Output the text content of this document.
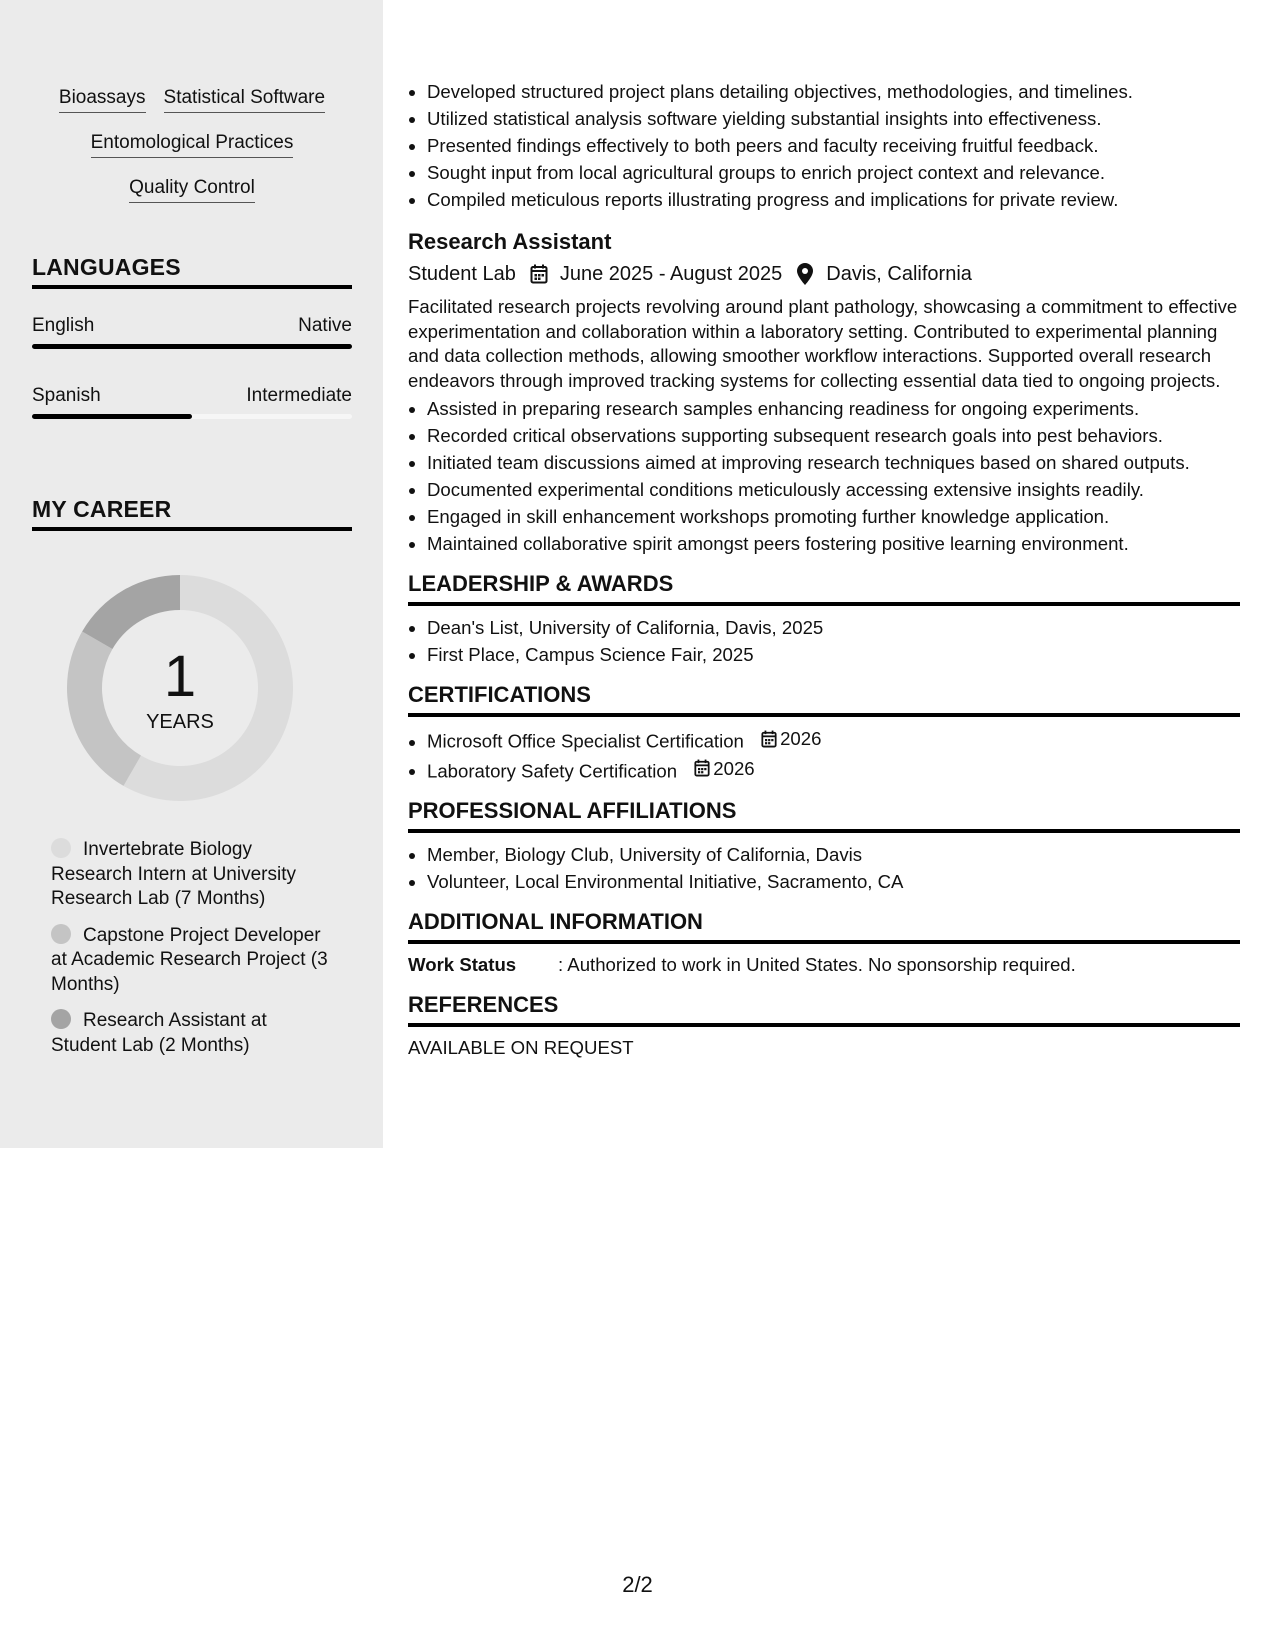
Bioassays Statistical Software
Entomological Practices
Quality Control
LANGUAGES
English	Native
Spanish	Intermediate
MY CAREER
1
YEARS
Invertebrate Biology Research Intern at University Research Lab (7 Months)
Capstone Project Developer at Academic Research Project (3 Months)
Research Assistant at Student Lab (2 Months)
• Developed structured project plans detailing objectives, methodologies, and timelines.
• Utilized statistical analysis software yielding substantial insights into effectiveness.
• Presented findings effectively to both peers and faculty receiving fruitful feedback.
• Sought input from local agricultural groups to enrich project context and relevance.
• Compiled meticulous reports illustrating progress and implications for private review.
Research Assistant
Student Lab June 2025 - August 2025 Davis, California
Facilitated research projects revolving around plant pathology, showcasing a commitment to effective experimentation and collaboration within a laboratory setting. Contributed to experimental planning and data collection methods, allowing smoother workflow interactions. Supported overall research endeavors through improved tracking systems for collecting essential data tied to ongoing projects.
• Assisted in preparing research samples enhancing readiness for ongoing experiments.
• Recorded critical observations supporting subsequent research goals into pest behaviors.
• Initiated team discussions aimed at improving research techniques based on shared outputs.
• Documented experimental conditions meticulously accessing extensive insights readily.
• Engaged in skill enhancement workshops promoting further knowledge application.
• Maintained collaborative spirit amongst peers fostering positive learning environment.
LEADERSHIP & AWARDS
• Dean's List, University of California, Davis, 2025
• First Place, Campus Science Fair, 2025
CERTIFICATIONS
• Microsoft Office Specialist Certification 2026
• Laboratory Safety Certification 2026
PROFESSIONAL AFFILIATIONS
• Member, Biology Club, University of California, Davis
• Volunteer, Local Environmental Initiative, Sacramento, CA
ADDITIONAL INFORMATION
Work Status	: Authorized to work in United States. No sponsorship required.
REFERENCES
AVAILABLE ON REQUEST
2/2
